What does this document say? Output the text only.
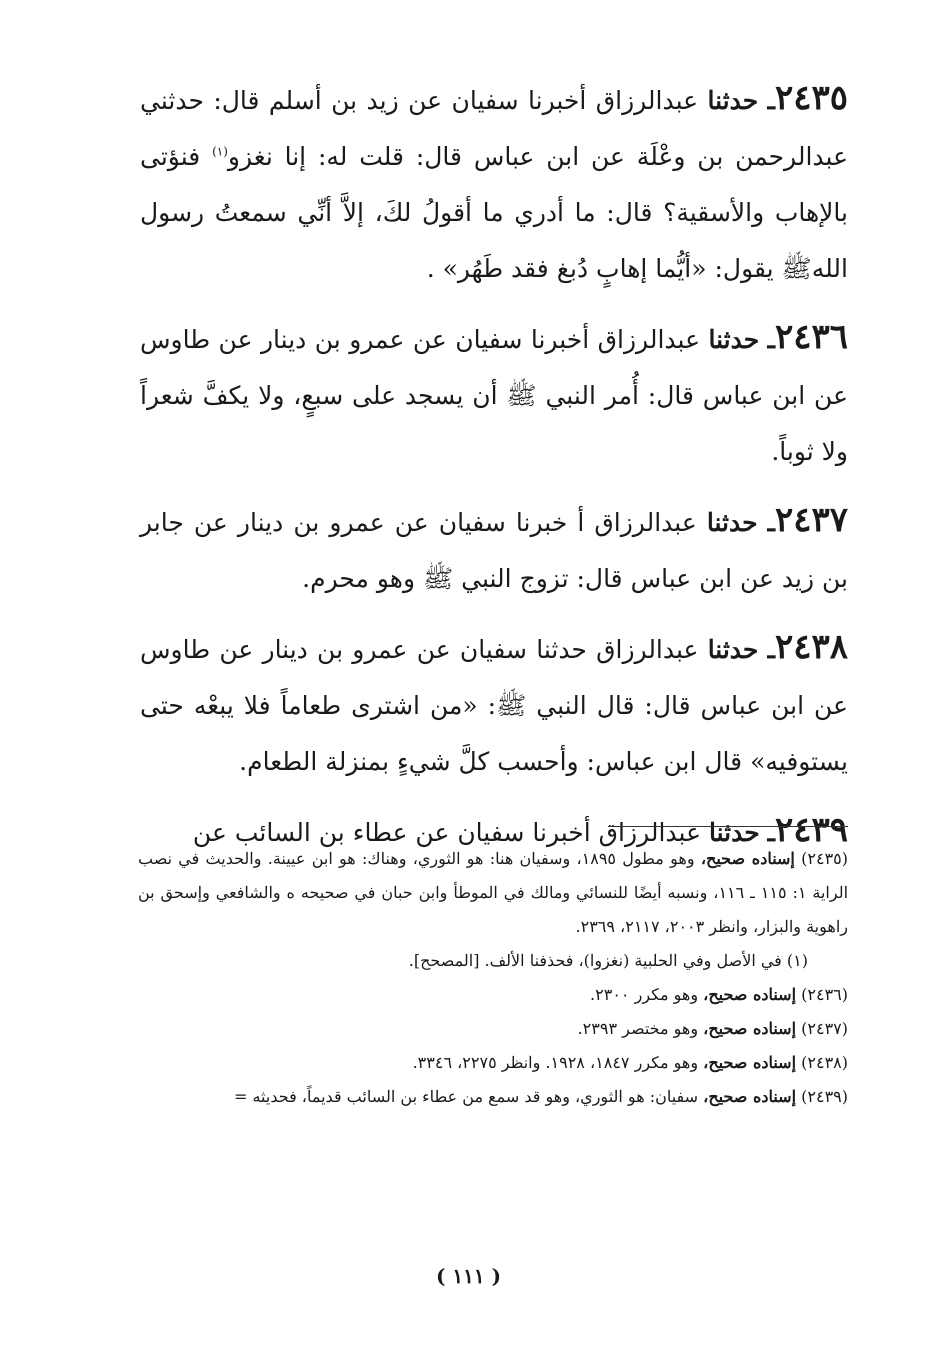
٢٤٣٥ـ حدثنا عبدالرزاق أخبرنا سفيان عن زيد بن أسلم قال: حدثني عبدالرحمن بن وعْلَة عن ابن عباس قال: قلت له: إنا نغزو$^{(١)}$ فنؤتى بالإهاب والأسقية؟ قال: ما أدري ما أقولُ لكَ، إلاَّ أنِّي سمعتُ رسول اللهﷺ يقول: «أيُّما إهابٍ دُبغ فقد طَهُر» .

٢٤٣٦ـ حدثنا عبدالرزاق أخبرنا سفيان عن عمرو بن دينار عن طاوس عن ابن عباس قال: أُمر النبي ﷺ أن يسجد على سبعٍ، ولا يكفَّ شعراً ولا ثوباً.

٢٤٣٧ـ حدثنا عبدالرزاق أ خبرنا سفيان عن عمرو بن دينار عن جابر بن زيد عن ابن عباس قال: تزوج النبي ﷺ وهو محرم.

٢٤٣٨ـ حدثنا عبدالرزاق حدثنا سفيان عن عمرو بن دينار عن طاوس عن ابن عباس قال: قال النبي ﷺ: «من اشترى طعاماً فلا يبعْه حتى يستوفيه» قال ابن عباس: وأحسب كلَّ شيءٍ بمنزلة الطعام.

٢٤٣٩ـ حدثنا عبدالرزاق أخبرنا سفيان عن عطاء بن السائب عن

(٢٤٣٥) إسناده صحيح، وهو مطول ١٨٩٥، وسفيان هنا: هو الثوري، وهناك: هو ابن عيينة. والحديث في نصب الراية ١: ١١٥ ـ ١١٦، ونسبه أيضًا للنسائي ومالك في الموطأ وابن حبان في صحيحه ه والشافعي وإسحق بن راهوية والبزار، وانظر ٢٠٠٣، ٢١١٧، ٢٣٦٩.

(١) في الأصل وفي الحلبية (نغزوا)، فحذفنا الألف. [المصحح].

(٢٤٣٦) إسناده صحيح، وهو مكرر ٢٣٠٠.

(٢٤٣٧) إسناده صحيح، وهو مختصر ٢٣٩٣.

(٢٤٣٨) إسناده صحيح، وهو مكرر ١٨٤٧، ١٩٢٨. وانظر ٢٢٧٥، ٣٣٤٦.

(٢٤٣٩) إسناده صحيح، سفيان: هو الثوري، وهو قد سمع من عطاء بن السائب قديماً، فحديثه =

( ١١١ )
